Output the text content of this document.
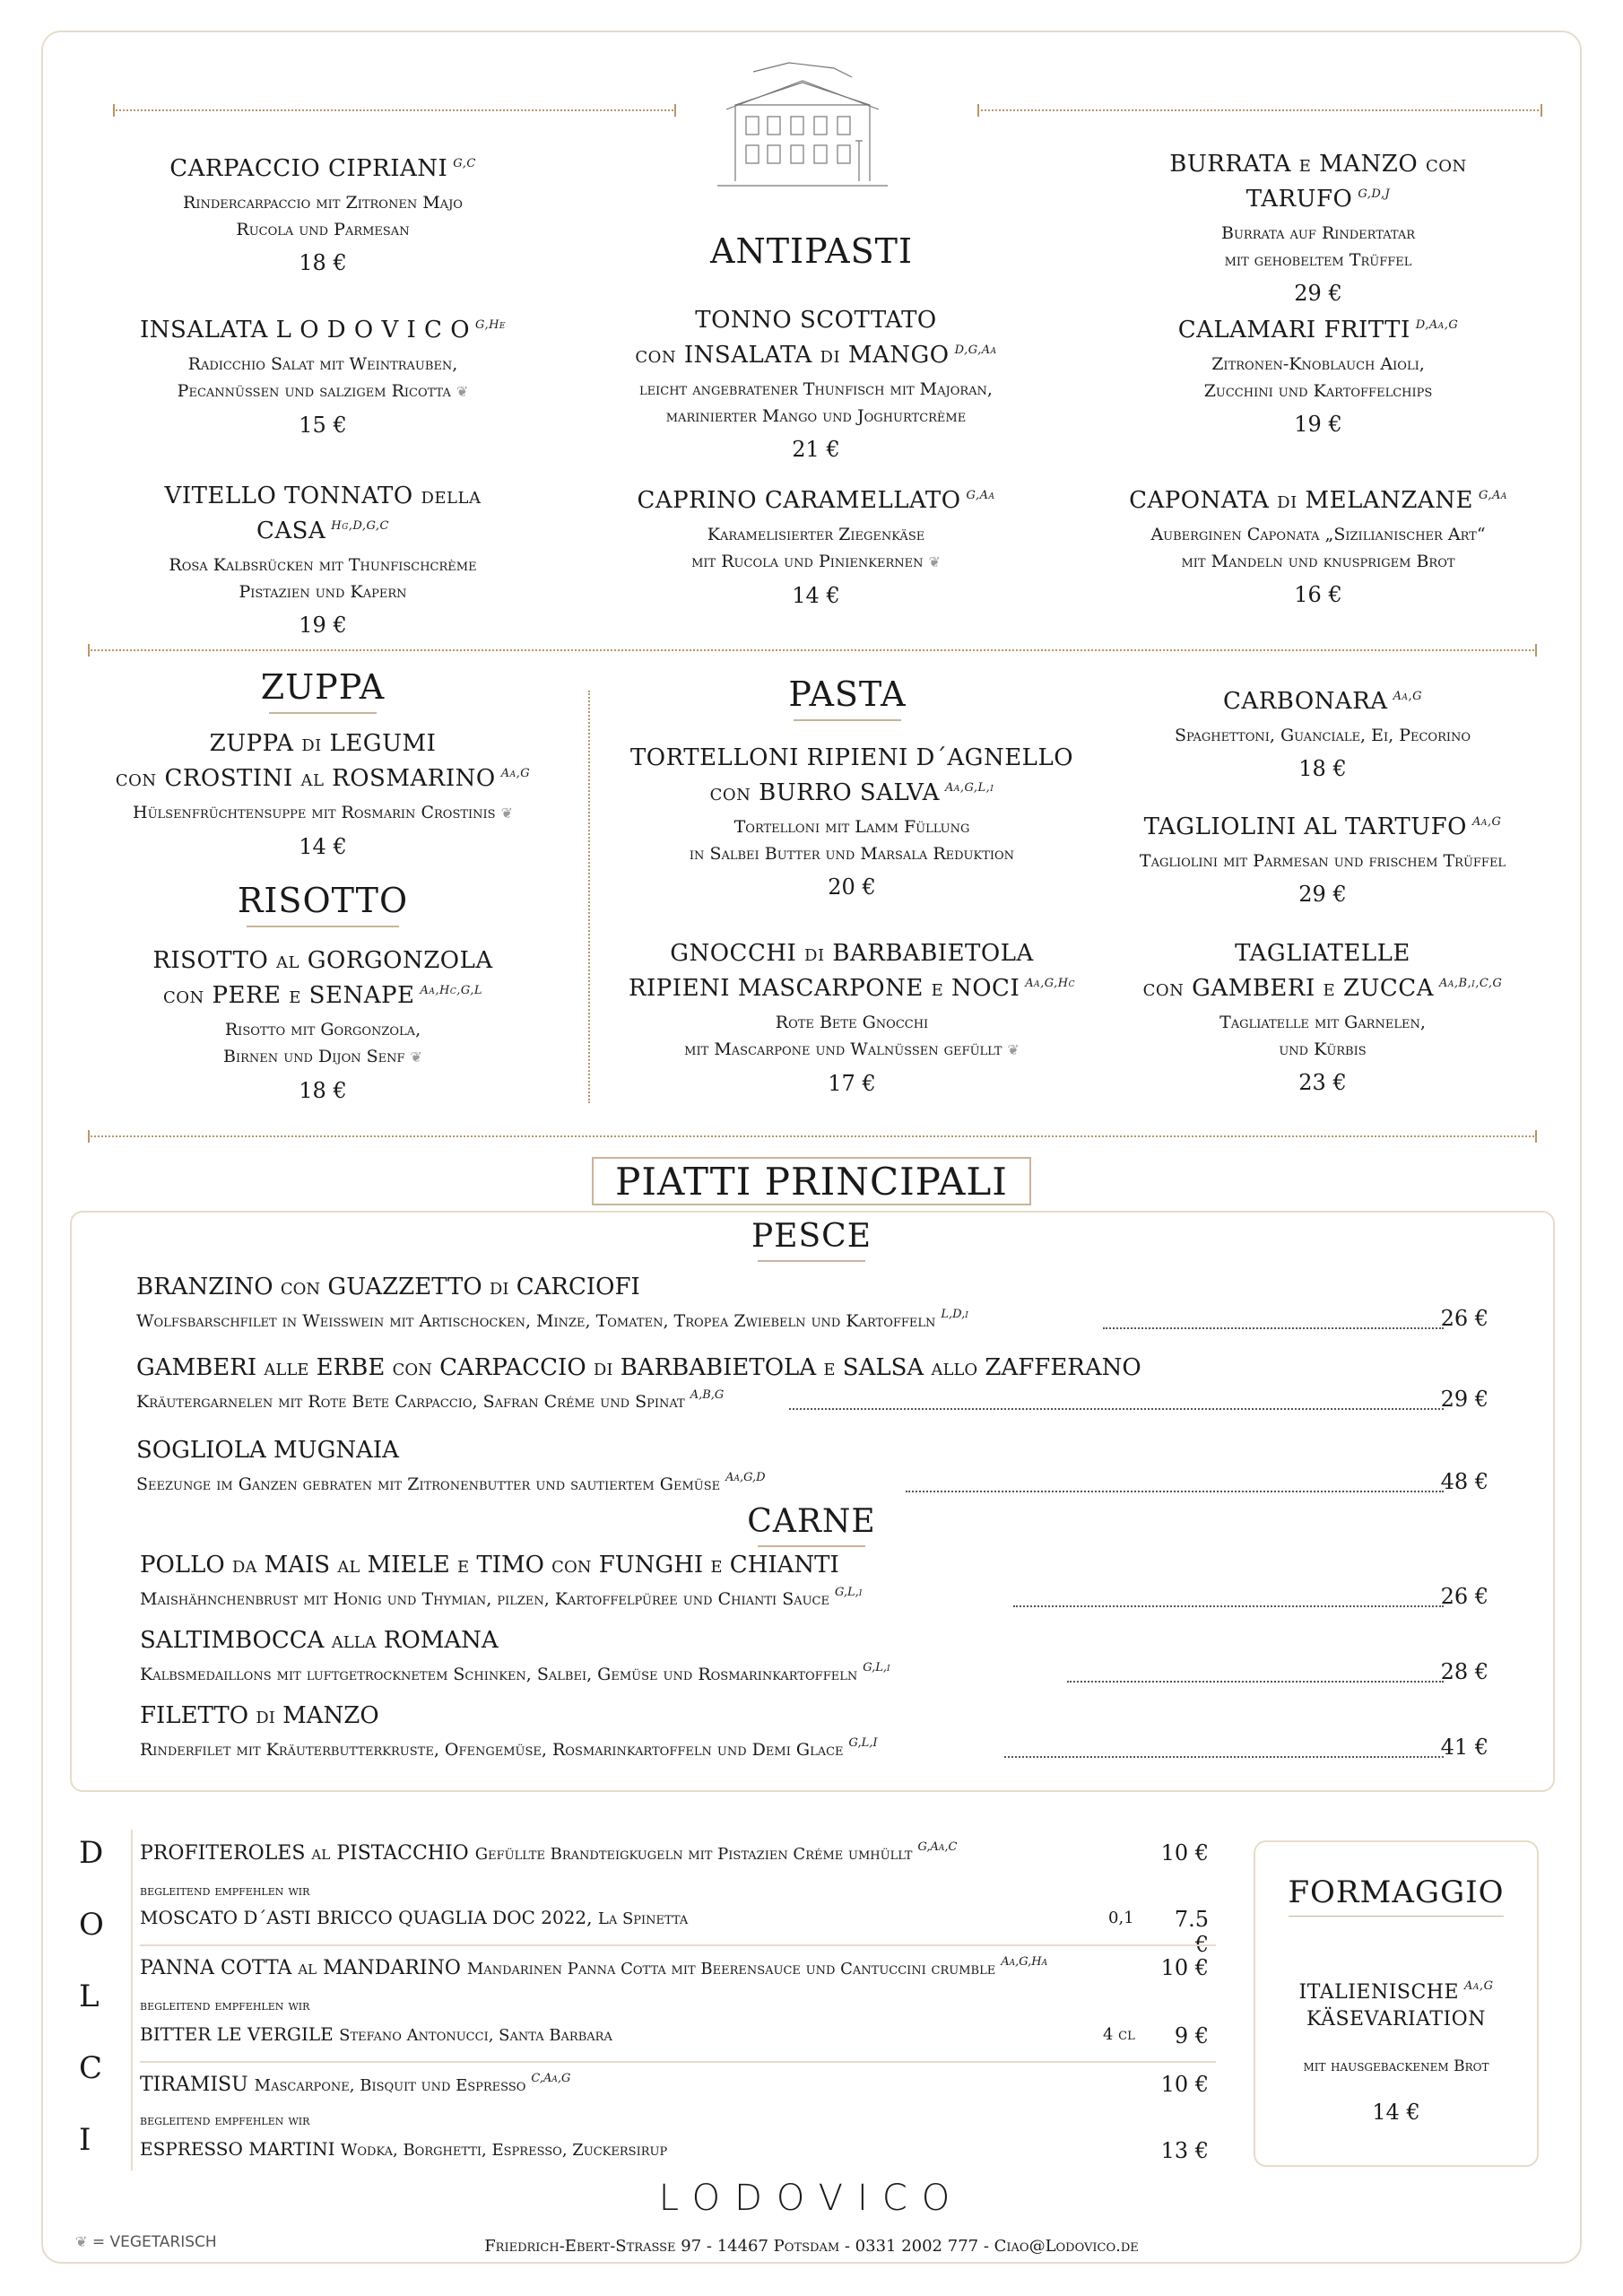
ANTIPASTI
CARPACCIO CIPRIANI $^{G,C}$
Rindercarpaccio mit Zitronen Majo
Rucola und Parmesan
18 €
BURRATA e MANZO con TARUFO $^{G,D,J}$
Burrata auf Rindertatar
mit gehobeltem Trüffel
29 €
INSALATA L O D O V I C O $^{G,He}$
Radicchio Salat mit Weintrauben,
Pecannüssen und salzigem Ricotta ❦
15 €
TONNO SCOTTATO
con INSALATA di MANGO $^{D,G,Aa}$
leicht angebratener Thunfisch mit Majoran,
marinierter Mango und Joghurtcrème
21 €
CALAMARI FRITTI $^{D,Aa,G}$
Zitronen-Knoblauch Aioli,
Zucchini und Kartoffelchips
19 €
VITELLO TONNATO della CASA $^{Hg,D,G,C}$
Rosa Kalbsrücken mit Thunfischcrème
Pistazien und Kapern
19 €
CAPRINO CARAMELLATO $^{G,Aa}$
Karamelisierter Ziegenkäse
mit Rucola und Pinienkernen ❦
14 €
CAPONATA di MELANZANE $^{G,Aa}$
Auberginen Caponata „Sizilianischer Art“
mit Mandeln und knusprigem Brot
16 €
ZUPPA
ZUPPA di LEGUMI
con CROSTINI al ROSMARINO $^{Aa,G}$
Hülsenfrüchtensuppe mit Rosmarin Crostinis ❦
14 €
RISOTTO
RISOTTO al GORGONZOLA
con PERE e SENAPE $^{Aa,Hc,G,L}$
Risotto mit Gorgonzola,
Birnen und Dijon Senf ❦
18 €
PASTA
TORTELLONI RIPIENI D´AGNELLO
con BURRO SALVA $^{Aa,G,L,i}$
Tortelloni mit Lamm Füllung
in Salbei Butter und Marsala Reduktion
20 €
GNOCCHI di BARBABIETOLA
RIPIENI MASCARPONE e NOCI $^{Aa,G,Hc}$
Rote Bete Gnocchi
mit Mascarpone und Walnüssen gefüllt ❦
17 €
CARBONARA $^{Aa,G}$
Spaghettoni, Guanciale, Ei, Pecorino
18 €
TAGLIOLINI AL TARTUFO $^{Aa,G}$
Tagliolini mit Parmesan und frischem Trüffel
29 €
TAGLIATELLE
con GAMBERI e ZUCCA $^{Aa,B,i,C,G}$
Tagliatelle mit Garnelen,
und Kürbis
23 €
PIATTI PRINCIPALI
PESCE
BRANZINO con GUAZZETTO di CARCIOFI
Wolfsbarschfilet in Weisswein mit Artischocken, Minze, Tomaten, Tropea Zwiebeln und Kartoffeln $^{L,D,i}$	26 €
GAMBERI alle ERBE con CARPACCIO di BARBABIETOLA e SALSA allo ZAFFERANO
Kräutergarnelen mit Rote Bete Carpaccio, Safran Créme und Spinat $^{A,B,G}$	29 €
SOGLIOLA MUGNAIA
Seezunge im Ganzen gebraten mit Zitronenbutter und sautiertem Gemüse $^{Aa,G,D}$	48 €
CARNE
POLLO da MAIS al MIELE e TIMO con FUNGHI e CHIANTI
Maishähnchenbrust mit Honig und Thymian, pilzen, Kartoffelpüree und Chianti Sauce $^{G,L,i}$	26 €
SALTIMBOCCA alla ROMANA
Kalbsmedaillons mit luftgetrocknetem Schinken, Salbei, Gemüse und Rosmarinkartoffeln $^{G,L,i}$	28 €
FILETTO di MANZO
Rinderfilet mit Kräuterbutterkruste, Ofengemüse, Rosmarinkartoffeln und Demi Glace $^{G,L,I}$	41 €
D
O
L
C
I
PROFITEROLES al PISTACCHIO Gefüllte Brandteigkugeln mit Pistazien Créme umhüllt $^{G,Aa,C}$	10 €
begleitend empfehlen wir
MOSCATO D´ASTI BRICCO QUAGLIA DOC 2022, La Spinetta	0,1	7.5 €
PANNA COTTA al MANDARINO Mandarinen Panna Cotta mit Beerensauce und Cantuccini crumble $^{Aa,G,Ha}$	10 €
begleitend empfehlen wir
BITTER LE VERGILE Stefano Antonucci, Santa Barbara	4 cl	9 €
TIRAMISU Mascarpone, Bisquit und Espresso $^{C,Aa,G}$	10 €
begleitend empfehlen wir
ESPRESSO MARTINI Wodka, Borghetti, Espresso, Zuckersirup	13 €
FORMAGGIO
ITALIENISCHE $^{Aa,G}$
KÄSEVARIATION
mit hausgebackenem Brot
14 €
LODOVICO
❦ = VEGETARISCH	Friedrich-Ebert-Strasse 97 - 14467 Potsdam - 0331 2002 777 - Ciao@Lodovico.de
